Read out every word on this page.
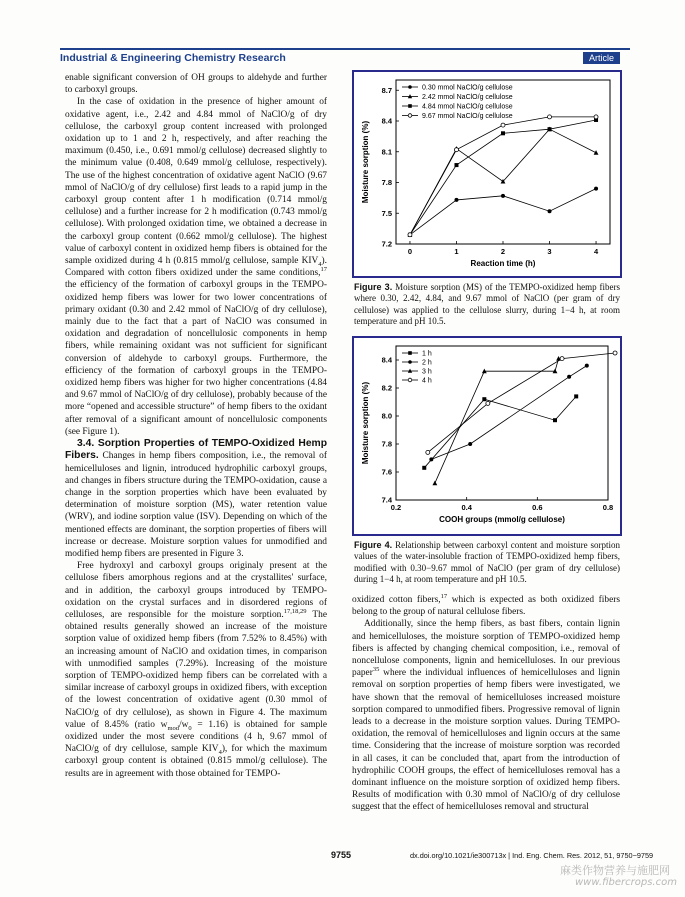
Industrial & Engineering Chemistry Research	Article

enable significant conversion of OH groups to aldehyde and further to carboxyl groups.

In the case of oxidation in the presence of higher amount of oxidative agent, i.e., 2.42 and 4.84 mmol of NaClO/g of dry cellulose, the carboxyl group content increased with prolonged oxidation up to 1 and 2 h, respectively, and after reaching the maximum (0.450, i.e., 0.691 mmol/g cellulose) decreased slightly to the minimum value (0.408, 0.649 mmol/g cellulose, respectively). The use of the highest concentration of oxidative agent NaClO (9.67 mmol of NaClO/g of dry cellulose) first leads to a rapid jump in the carboxyl group content after 1 h modification (0.714 mmol/g cellulose) and a further increase for 2 h modification (0.743 mmol/g cellulose). With prolonged oxidation time, we obtained a decrease in the carboxyl group content (0.662 mmol/g cellulose). The highest value of carboxyl content in oxidized hemp fibers is obtained for the sample oxidized during 4 h (0.815 mmol/g cellulose, sample $KIV_4$). Compared with cotton fibers oxidized under the same conditions,$^{17}$ the efficiency of the formation of carboxyl groups in the TEMPO-oxidized hemp fibers was lower for two lower concentrations of primary oxidant (0.30 and 2.42 mmol of NaClO/g of dry cellulose), mainly due to the fact that a part of NaClO was consumed in oxidation and degradation of noncellulosic components in hemp fibers, while remaining oxidant was not sufficient for significant conversion of aldehyde to carboxyl groups. Furthermore, the efficiency of the formation of carboxyl groups in the TEMPO-oxidized hemp fibers was higher for two higher concentrations (4.84 and 9.67 mmol of NaClO/g of dry cellulose), probably because of the more “opened and accessible structure” of hemp fibers to the oxidant after removal of a significant amount of noncellulosic components (see Figure 1).

3.4. Sorption Properties of TEMPO-Oxidized Hemp Fibers. Changes in hemp fibers composition, i.e., the removal of hemicelluloses and lignin, introduced hydrophilic carboxyl groups, and changes in fibers structure during the TEMPO-oxidation, cause a change in the sorption properties which have been evaluated by determination of moisture sorption (MS), water retention value (WRV), and iodine sorption value (ISV). Depending on which of the mentioned effects are dominant, the sorption properties of fibers will increase or decrease. Moisture sorption values for unmodified and modified hemp fibers are presented in Figure 3.

Free hydroxyl and carboxyl groups originaly present at the cellulose fibers amorphous regions and at the crystallites' surface, and in addition, the carboxyl groups introduced by TEMPO-oxidation on the crystal surfaces and in disordered regions of celluloses, are responsible for the moisture sorption.$^{17,18,29}$ The obtained results generally showed an increase of the moisture sorption value of oxidized hemp fibers (from 7.52% to 8.45%) with an increasing amount of NaClO and oxidation times, in comparison with unmodified samples (7.29%). Increasing of the moisture sorption of TEMPO-oxidized hemp fibers can be correlated with a similar increase of carboxyl groups in oxidized fibers, with exception of the lowest concentration of oxidative agent (0.30 mmol of NaClO/g of dry cellulose), as shown in Figure 4. The maximum value of 8.45% (ratio $w_{mod}/w_0 = 1.16$) is obtained for sample oxidized under the most severe conditions (4 h, 9.67 mmol of NaClO/g of dry cellulose, sample $KIV_4$), for which the maximum carboxyl group content is obtained (0.815 mmol/g cellulose). The results are in agreement with those obtained for TEMPO-

0	1	2	3	4
7.2
7.5
7.8
8.1
8.4
8.7
Reaction time (h)
Moisture sorption (%)
0.30 mmol NaClO/g cellulose
2.42 mmol NaClO/g cellulose
4.84 mmol NaClO/g cellulose
9.67 mmol NaClO/g cellulose
Figure 3. Moisture sorption (MS) of the TEMPO-oxidized hemp fibers where 0.30, 2.42, 4.84, and 9.67 mmol of NaClO (per gram of dry cellulose) was applied to the cellulose slurry, during 1−4 h, at room temperature and pH 10.5.
0.2	0.4	0.6	0.8
7.4
7.6
7.8
8.0
8.2
8.4
COOH groups (mmol/g cellulose)
Moisture sorption (%)
1 h
2 h
3 h
4 h
Figure 4. Relationship between carboxyl content and moisture sorption values of the water-insoluble fraction of TEMPO-oxidized hemp fibers, modified with 0.30−9.67 mmol of NaClO (per gram of dry cellulose) during 1−4 h, at room temperature and pH 10.5.

oxidized cotton fibers,$^{17}$ which is expected as both oxidized fibers belong to the group of natural cellulose fibers.

Additionally, since the hemp fibers, as bast fibers, contain lignin and hemicelluloses, the moisture sorption of TEMPO-oxidized hemp fibers is affected by changing chemical composition, i.e., removal of noncellulose components, lignin and hemicelluloses. In our previous paper$^{35}$ where the individual influences of hemicelluloses and lignin removal on sorption properties of hemp fibers were investigated, we have shown that the removal of hemicelluloses increased moisture sorption compared to unmodified fibers. Progressive removal of lignin leads to a decrease in the moisture sorption values. During TEMPO-oxidation, the removal of hemicelluloses and lignin occurs at the same time. Considering that the increase of moisture sorption was recorded in all cases, it can be concluded that, apart from the introduction of hydrophilic COOH groups, the effect of hemicelluloses removal has a dominant influence on the moisture sorption of oxidized hemp fibers. Results of modification with 0.30 mmol of NaClO/g of dry cellulose suggest that the effect of hemicelluloses removal and structural

9755	dx.doi.org/10.1021/ie300713x | Ind. Eng. Chem. Res. 2012, 51, 9750−9759
麻类作物营养与施肥网
www.fibercrops.com
